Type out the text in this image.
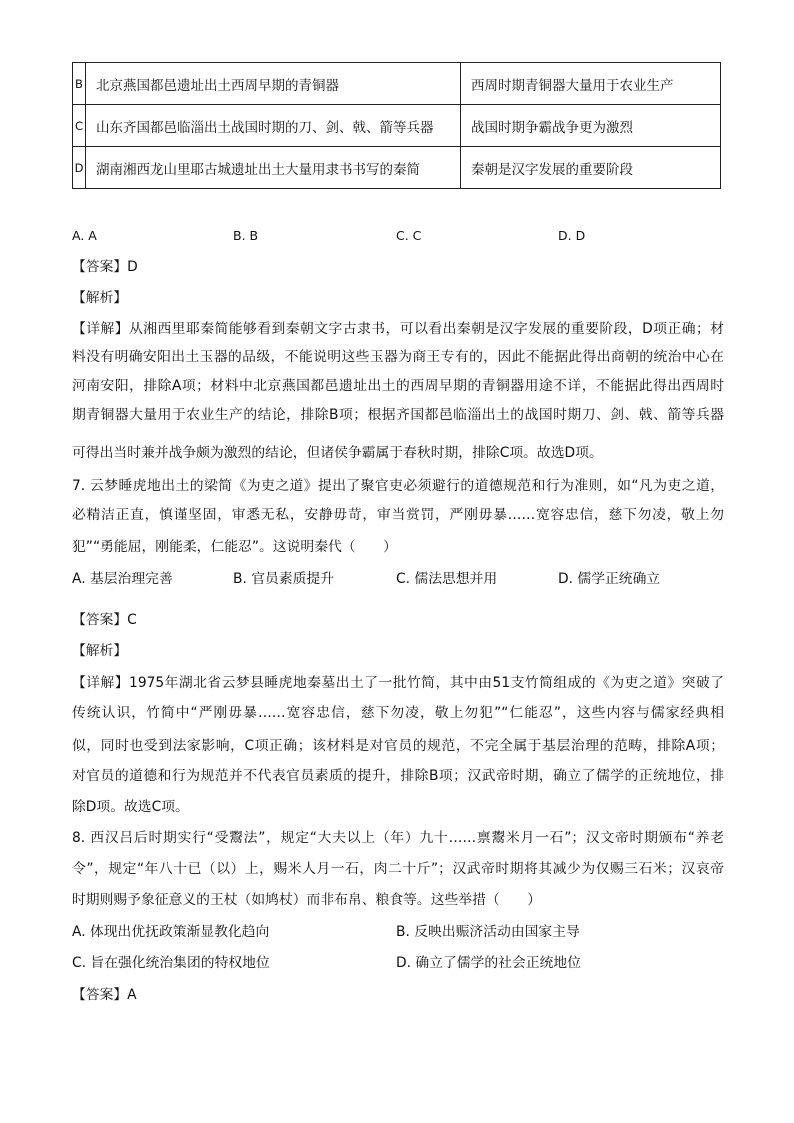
B	北京燕国都邑遗址出土西周早期的青铜器	西周时期青铜器大量用于农业生产
C	山东齐国都邑临淄出土战国时期的刀、剑、戟、箭等兵器	战国时期争霸战争更为激烈
D	湖南湘西龙山里耶古城遗址出土大量用隶书书写的秦简	秦朝是汉字发展的重要阶段
A. A	B. B	C. C	D. D
【答案】D
【解析】
【详解】从湘西里耶秦简能够看到秦朝文字古隶书，可以看出秦朝是汉字发展的重要阶段，D项正确；材
料没有明确安阳出土玉器的品级，不能说明这些玉器为商王专有的，因此不能据此得出商朝的统治中心在
河南安阳，排除A项；材料中北京燕国都邑遗址出土的西周早期的青铜器用途不详，不能据此得出西周时
期青铜器大量用于农业生产的结论，排除B项；根据齐国都邑临淄出土的战国时期刀、剑、戟、箭等兵器
可得出当时兼并战争颇为激烈的结论，但诸侯争霸属于春秋时期，排除C项。故选D项。
7. 云梦睡虎地出土的梁简《为吏之道》提出了聚官吏必须避行的道德规范和行为准则，如“凡为吏之道，
必精洁正直，慎谨坚固，审悉无私，安静毋苛，审当赏罚，严刚毋暴……宽容忠信，慈下勿凌，敬上勿
犯”“勇能屈，刚能柔，仁能忍”。这说明秦代（　　）
A. 基层治理完善	B. 官员素质提升	C. 儒法思想并用	D. 儒学正统确立
【答案】C
【解析】
【详解】1975年湖北省云梦县睡虎地秦墓出土了一批竹简，其中由51支竹简组成的《为吏之道》突破了
传统认识，竹简中“严刚毋暴……宽容忠信，慈下勿凌，敬上勿犯”“仁能忍”，这些内容与儒家经典相
似，同时也受到法家影响，C项正确；该材料是对官员的规范，不完全属于基层治理的范畴，排除A项；
对官员的道德和行为规范并不代表官员素质的提升，排除B项；汉武帝时期，确立了儒学的正统地位，排
除D项。故选C项。
8. 西汉吕后时期实行“受鬻法”，规定“大夫以上（年）九十……禀鬻米月一石”；汉文帝时期颁布“养老
令”，规定“年八十已（以）上，赐米人月一石，肉二十斤”；汉武帝时期将其减少为仅赐三石米；汉哀帝
时期则赐予象征意义的王杖（如鸠杖）而非布帛、粮食等。这些举措（　　）
A. 体现出优抚政策渐显教化趋向	B. 反映出赈济活动由国家主导
C. 旨在强化统治集团的特权地位	D. 确立了儒学的社会正统地位
【答案】A
